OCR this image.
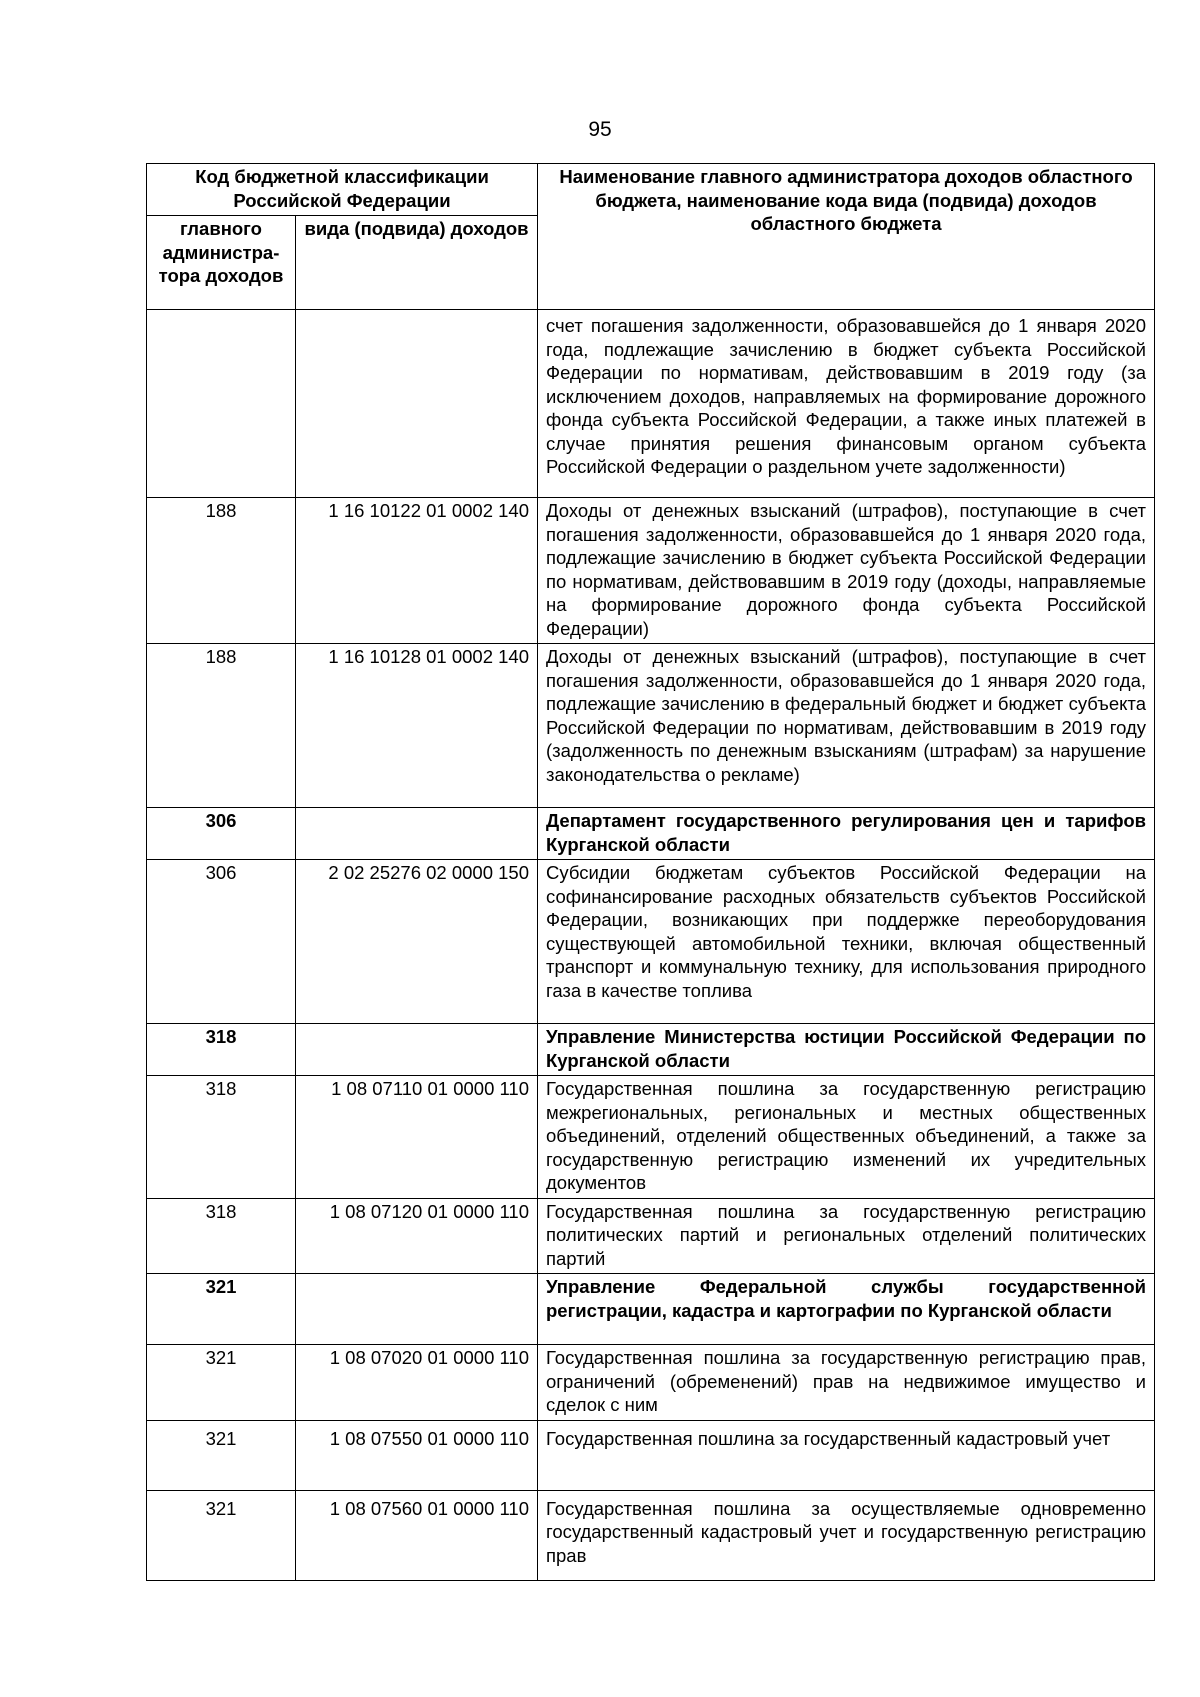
95
Код бюджетной классификации Российской Федерации		Наименование главного администратора доходов областного бюджета, наименование кода вида (подвида) доходов областного бюджета
главного администра-тора доходов	вида (подвида) доходов	
		счет погашения задолженности, образовавшейся до 1 января 2020 года, подлежащие зачислению в бюджет субъекта Российской Федерации по нормативам, действовавшим в 2019 году (за исключением доходов, направляемых на формирование дорожного фонда субъекта Российской Федерации, а также иных платежей в случае принятия решения финансовым органом субъекта Российской Федерации о раздельном учете задолженности)
188	1 16 10122 01 0002 140	Доходы от денежных взысканий (штрафов), поступающие в счет погашения задолженности, образовавшейся до 1 января 2020 года, подлежащие зачислению в бюджет субъекта Российской Федерации по нормативам, действовавшим в 2019 году (доходы, направляемые на формирование дорожного фонда субъекта Российской Федерации)
188	1 16 10128 01 0002 140	Доходы от денежных взысканий (штрафов), поступающие в счет погашения задолженности, образовавшейся до 1 января 2020 года, подлежащие зачислению в федеральный бюджет и бюджет субъекта Российской Федерации по нормативам, действовавшим в 2019 году (задолженность по денежным взысканиям (штрафам) за нарушение законодательства о рекламе)
306		Департамент государственного регулирования цен и тарифов Курганской области
306	2 02 25276 02 0000 150	Субсидии бюджетам субъектов Российской Федерации на софинансирование расходных обязательств субъектов Российской Федерации, возникающих при поддержке переоборудования существующей автомобильной техники, включая общественный транспорт и коммунальную технику, для использования природного газа в качестве топлива
318		Управление Министерства юстиции Российской Федерации по Курганской области
318	1 08 07110 01 0000 110	Государственная пошлина за государственную регистрацию межрегиональных, региональных и местных общественных объединений, отделений общественных объединений, а также за государственную регистрацию изменений их учредительных документов
318	1 08 07120 01 0000 110	Государственная пошлина за государственную регистрацию политических партий и региональных отделений политических партий
321		Управление Федеральной службы государственной регистрации, кадастра и картографии по Курганской области
321	1 08 07020 01 0000 110	Государственная пошлина за государственную регистрацию прав, ограничений (обременений) прав на недвижимое имущество и сделок с ним
321	1 08 07550 01 0000 110	Государственная пошлина за государственный кадастровый учет
321	1 08 07560 01 0000 110	Государственная пошлина за осуществляемые одновременно государственный кадастровый учет и государственную регистрацию прав
